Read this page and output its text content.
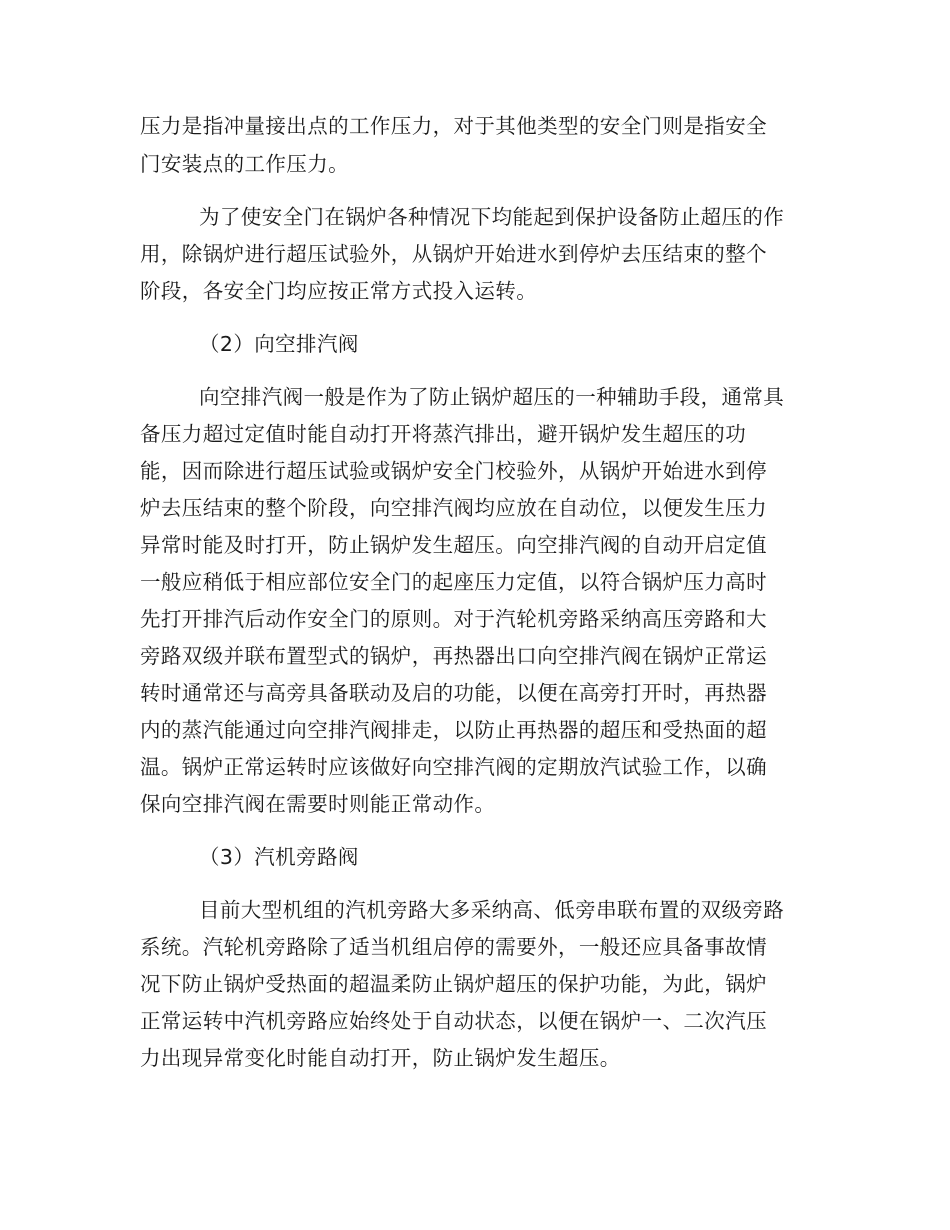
压力是指冲量接出点的工作压力，对于其他类型的安全门则是指安全
门安装点的工作压力。
为了使安全门在锅炉各种情况下均能起到保护设备防止超压的作
用，除锅炉进行超压试验外，从锅炉开始进水到停炉去压结束的整个
阶段，各安全门均应按正常方式投入运转。
（2）向空排汽阀
向空排汽阀一般是作为了防止锅炉超压的一种辅助手段，通常具
备压力超过定值时能自动打开将蒸汽排出，避开锅炉发生超压的功
能，因而除进行超压试验或锅炉安全门校验外，从锅炉开始进水到停
炉去压结束的整个阶段，向空排汽阀均应放在自动位，以便发生压力
异常时能及时打开，防止锅炉发生超压。向空排汽阀的自动开启定值
一般应稍低于相应部位安全门的起座压力定值，以符合锅炉压力高时
先打开排汽后动作安全门的原则。对于汽轮机旁路采纳高压旁路和大
旁路双级并联布置型式的锅炉，再热器出口向空排汽阀在锅炉正常运
转时通常还与高旁具备联动及启的功能，以便在高旁打开时，再热器
内的蒸汽能通过向空排汽阀排走，以防止再热器的超压和受热面的超
温。锅炉正常运转时应该做好向空排汽阀的定期放汽试验工作，以确
保向空排汽阀在需要时则能正常动作。
（3）汽机旁路阀
目前大型机组的汽机旁路大多采纳高、低旁串联布置的双级旁路
系统。汽轮机旁路除了适当机组启停的需要外，一般还应具备事故情
况下防止锅炉受热面的超温柔防止锅炉超压的保护功能，为此，锅炉
正常运转中汽机旁路应始终处于自动状态，以便在锅炉一、二次汽压
力出现异常变化时能自动打开，防止锅炉发生超压。
